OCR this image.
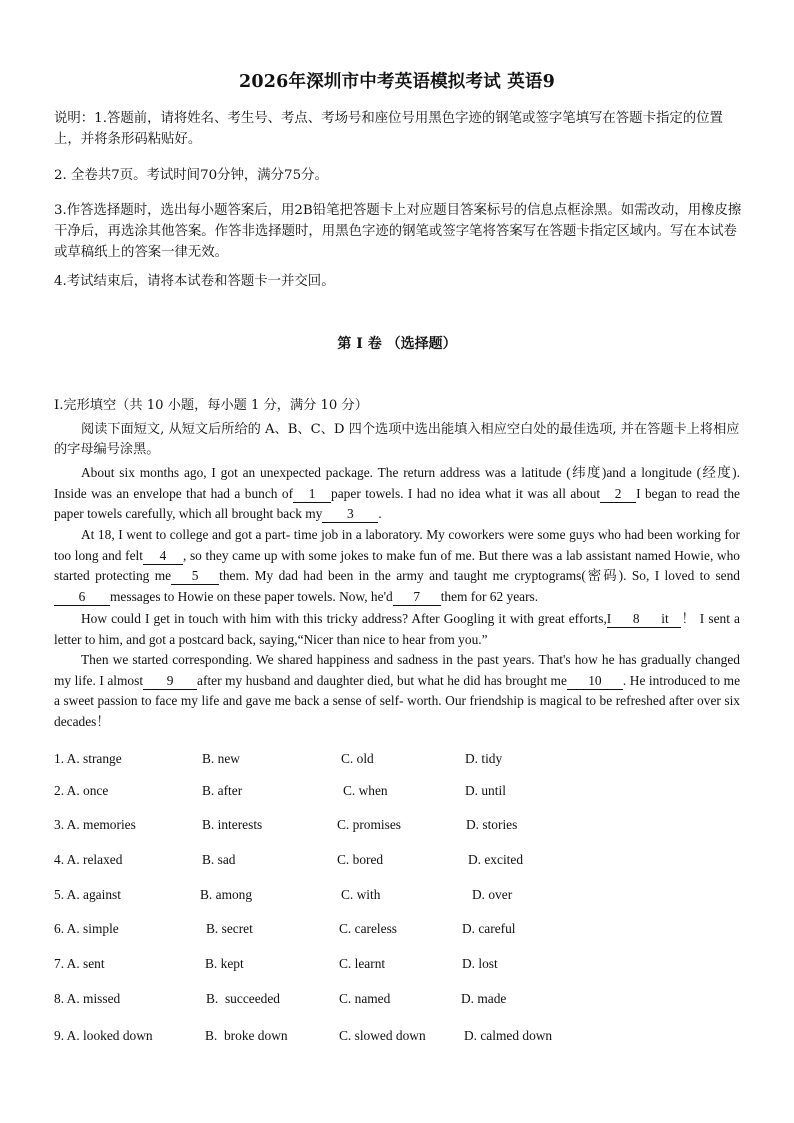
2026年深圳市中考英语模拟考试 英语9
说明：1.答题前，请将姓名、考生号、考点、考场号和座位号用黑色字迹的钢笔或签字笔填写在答题卡指定的位置上，并将条形码粘贴好。
2. 全卷共7页。考试时间70分钟，满分75分。
3.作答选择题时，选出每小题答案后，用2B铅笔把答题卡上对应题目答案标号的信息点框涂黑。如需改动，用橡皮擦干净后，再选涂其他答案。作答非选择题时，用黑色字迹的钢笔或签字笔将答案写在答题卡指定区域内。写在本试卷或草稿纸上的答案一律无效。
4.考试结束后，请将本试卷和答题卡一并交回。
第 I 卷 （选择题）
Ⅰ.完形填空（共 10 小题，每小题 1 分，满分 10 分）
阅读下面短文, 从短文后所给的 A、B、C、D 四个选项中选出能填入相应空白处的最佳选项, 并在答题卡上将相应的字母编号涂黑。
About six months ago, I got an unexpected package. The return address was a latitude (纬度)and a longitude (经度). Inside was an envelope that had a bunch of 1 paper towels. I had no idea what it was all about 2 I began to read the paper towels carefully, which all brought back my 3 .
At 18, I went to college and got a part- time job in a laboratory. My coworkers were some guys who had been working for too long and felt 4 , so they came up with some jokes to make fun of me. But there was a lab assistant named Howie, who started protecting me 5 them. My dad had been in the army and taught me cryptograms(密码). So, I loved to send6 messages to Howie on these paper towels. Now, he'd 7 them for 62 years.
How could I get in touch with him with this tricky address? After Googling it with great efforts,I 8 it ！ I sent a letter to him, and got a postcard back, saying,“Nicer than nice to hear from you.”
Then we started corresponding. We shared happiness and sadness in the past years. That's how he has gradually changed my life. I almost 9 after my husband and daughter died, but what he did has brought me 10 . He introduced to me a sweet passion to face my life and gave me back a sense of self- worth. Our friendship is magical to be refreshed after over six decades！
1. A. strange	B. new	C. old	D. tidy
2. A. once	B. after	C. when	D. until
3. A. memories	B. interests	C. promises	D. stories
4. A. relaxed	B. sad	C. bored	D. excited
5. A. against	B. among	C. with	D. over
6. A. simple	B. secret	C. careless	D. careful
7. A. sent	B. kept	C. learnt	D. lost
8. A. missed	B.  succeeded	C. named	D. made
9. A. looked down	B.  broke down	C. slowed down	D. calmed down
